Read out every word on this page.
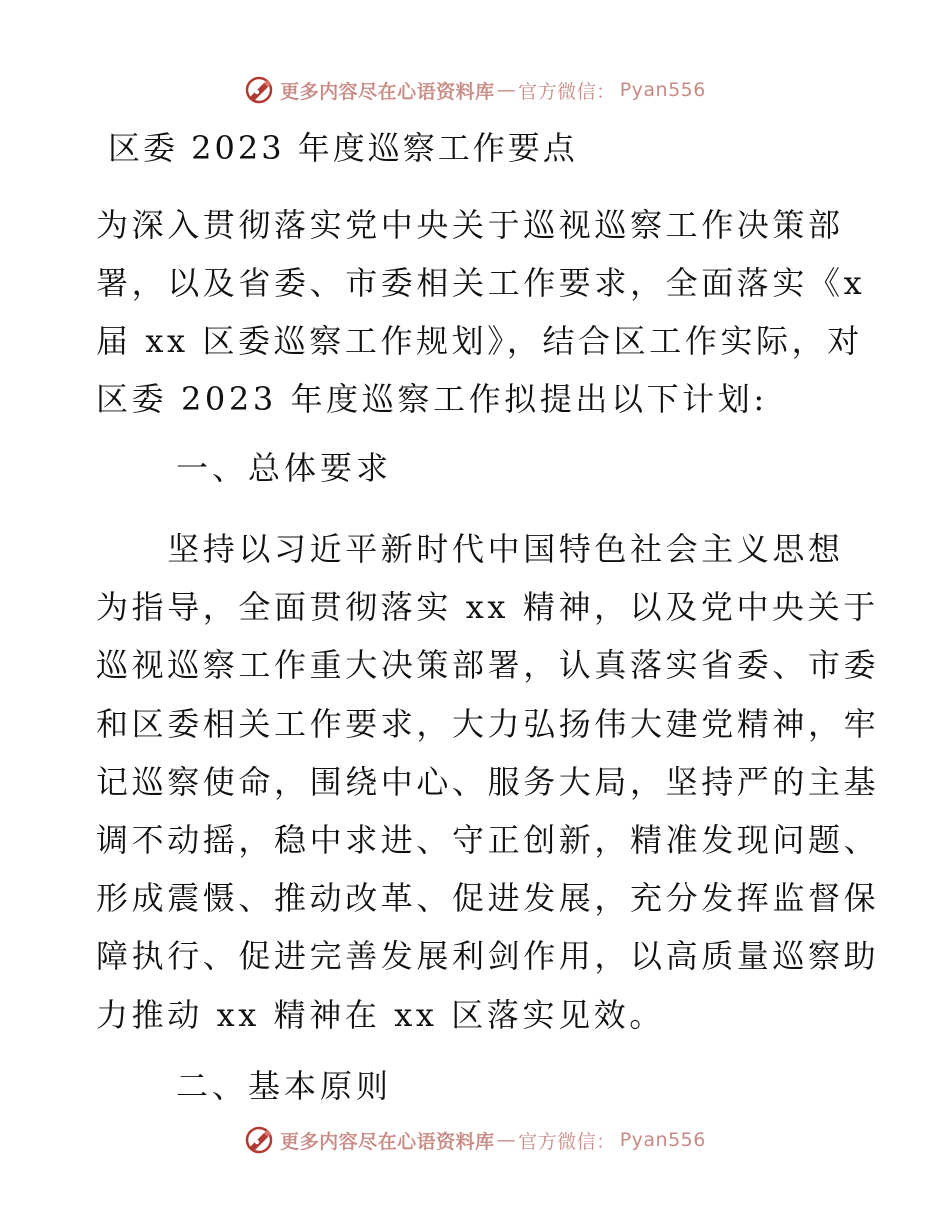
更多内容尽在心语资料库 — 官方微信： Pyan556
区委 2023 年度巡察工作要点
为深入贯彻落实党中央关于巡视巡察工作决策部
署，以及省委、市委相关工作要求，全面落实《x
届 xx 区委巡察工作规划》，结合区工作实际，对
区委 2023 年度巡察工作拟提出以下计划:
一、总体要求
　　坚持以习近平新时代中国特色社会主义思想
为指导，全面贯彻落实 xx 精神，以及党中央关于
巡视巡察工作重大决策部署，认真落实省委、市委
和区委相关工作要求，大力弘扬伟大建党精神，牢
记巡察使命，围绕中心、服务大局，坚持严的主基
调不动摇，稳中求进、守正创新，精准发现问题、
形成震慑、推动改革、促进发展，充分发挥监督保
障执行、促进完善发展利剑作用，以高质量巡察助
力推动 xx 精神在 xx 区落实见效。
二、基本原则
更多内容尽在心语资料库 — 官方微信： Pyan556
